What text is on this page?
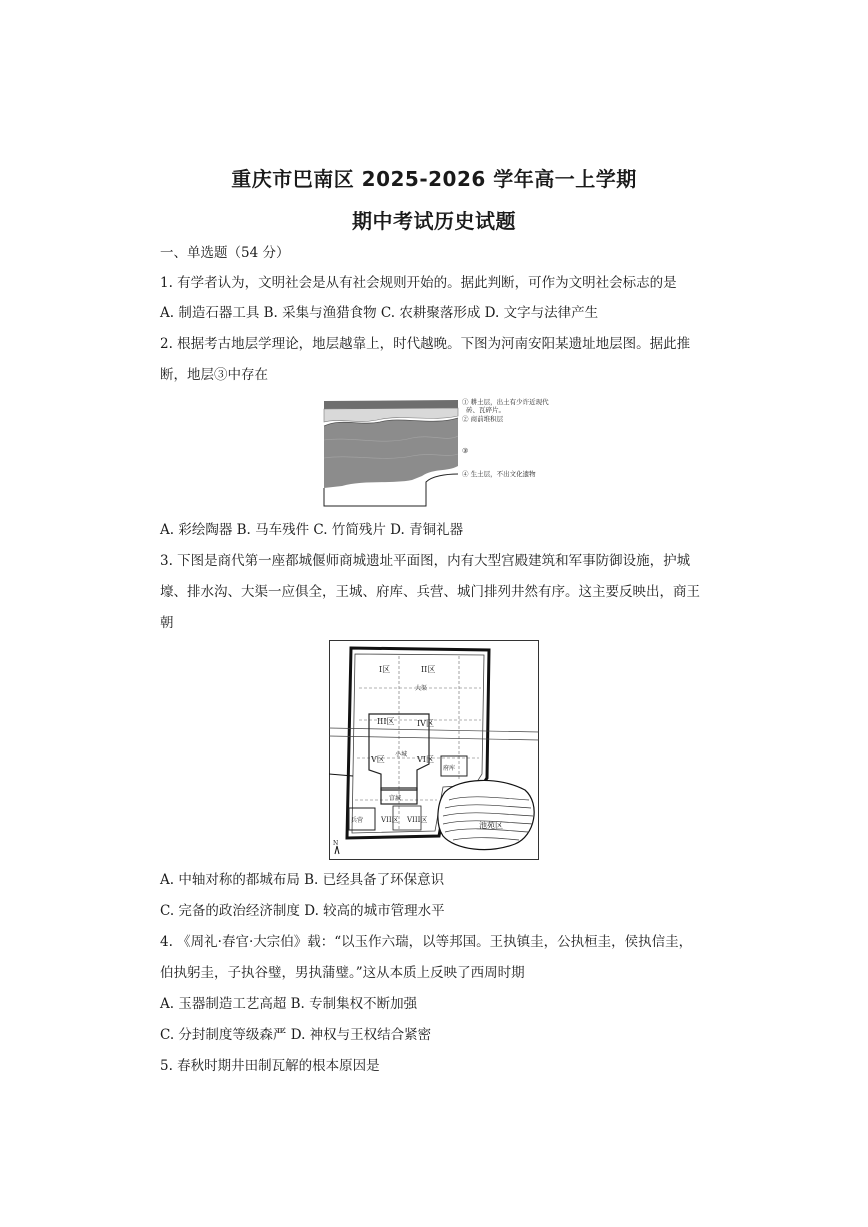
重庆市巴南区 2025-2026 学年高一上学期
期中考试历史试题
一、单选题（54 分）
1. 有学者认为，文明社会是从有社会规则开始的。据此判断，可作为文明社会标志的是
A. 制造石器工具 B. 采集与渔猎食物 C. 农耕聚落形成 D. 文字与法律产生
2. 根据考古地层学理论，地层越靠上，时代越晚。下图为河南安阳某遗址地层图。据此推
断，地层③中存在
① 耕土层，出土有少许近现代
砖、瓦碎片。
② 商前堆积层
③
④ 生土层，不出文化遗物
A. 彩绘陶器 B. 马车残件 C. 竹简残片 D. 青铜礼器
3. 下图是商代第一座都城偃师商城遗址平面图，内有大型宫殿建筑和军事防御设施，护城
壕、排水沟、大渠一应俱全，王城、府库、兵营、城门排列井然有序。这主要反映出，商王
朝
I区	II区
大渠
III区	IV区
V区
小城
VI区
府库
宫城
兵营	VII区 VIII区
池苑区
N
A. 中轴对称的都城布局 B. 已经具备了环保意识
C. 完备的政治经济制度 D. 较高的城市管理水平
4. 《周礼·春官·大宗伯》载：“以玉作六瑞，以等邦国。王执镇圭，公执桓圭，侯执信圭，
伯执躬圭，子执谷璧，男执蒲璧。”这从本质上反映了西周时期
A. 玉器制造工艺高超 B. 专制集权不断加强
C. 分封制度等级森严 D. 神权与王权结合紧密
5. 春秋时期井田制瓦解的根本原因是
